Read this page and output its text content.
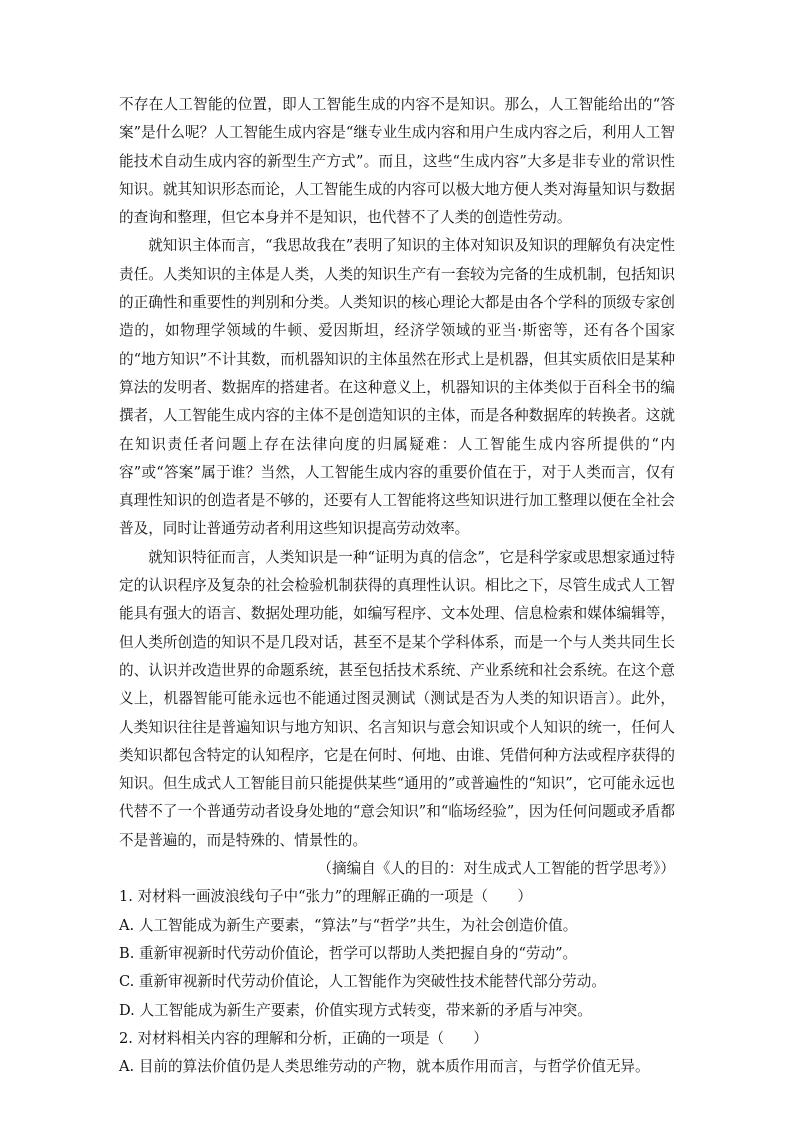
不存在人工智能的位置，即人工智能生成的内容不是知识。那么，人工智能给出的“答案”是什么呢？人工智能生成内容是“继专业生成内容和用户生成内容之后，利用人工智能技术自动生成内容的新型生产方式”。而且，这些“生成内容”大多是非专业的常识性知识。就其知识形态而论，人工智能生成的内容可以极大地方便人类对海量知识与数据的查询和整理，但它本身并不是知识，也代替不了人类的创造性劳动。

就知识主体而言，“我思故我在”表明了知识的主体对知识及知识的理解负有决定性责任。人类知识的主体是人类，人类的知识生产有一套较为完备的生成机制，包括知识的正确性和重要性的判别和分类。人类知识的核心理论大都是由各个学科的顶级专家创造的，如物理学领域的牛顿、爱因斯坦，经济学领域的亚当·斯密等，还有各个国家的“地方知识”不计其数，而机器知识的主体虽然在形式上是机器，但其实质依旧是某种算法的发明者、数据库的搭建者。在这种意义上，机器知识的主体类似于百科全书的编撰者，人工智能生成内容的主体不是创造知识的主体，而是各种数据库的转换者。这就在知识责任者问题上存在法律向度的归属疑难：人工智能生成内容所提供的“内容”或“答案”属于谁？当然，人工智能生成内容的重要价值在于，对于人类而言，仅有真理性知识的创造者是不够的，还要有人工智能将这些知识进行加工整理以便在全社会普及，同时让普通劳动者利用这些知识提高劳动效率。

就知识特征而言，人类知识是一种“证明为真的信念”，它是科学家或思想家通过特定的认识程序及复杂的社会检验机制获得的真理性认识。相比之下，尽管生成式人工智能具有强大的语言、数据处理功能，如编写程序、文本处理、信息检索和媒体编辑等，但人类所创造的知识不是几段对话，甚至不是某个学科体系，而是一个与人类共同生长的、认识并改造世界的命题系统，甚至包括技术系统、产业系统和社会系统。在这个意义上，机器智能可能永远也不能通过图灵测试（测试是否为人类的知识语言）。此外，人类知识往往是普遍知识与地方知识、名言知识与意会知识或个人知识的统一，任何人类知识都包含特定的认知程序，它是在何时、何地、由谁、凭借何种方法或程序获得的知识。但生成式人工智能目前只能提供某些“通用的”或普遍性的“知识”，它可能永远也代替不了一个普通劳动者设身处地的“意会知识”和“临场经验”，因为任何问题或矛盾都不是普遍的，而是特殊的、情景性的。

（摘编自《人的目的：对生成式人工智能的哲学思考》）

1. 对材料一画波浪线句子中“张力”的理解正确的一项是（　　）

A. 人工智能成为新生产要素，“算法”与“哲学”共生，为社会创造价值。

B. 重新审视新时代劳动价值论，哲学可以帮助人类把握自身的“劳动”。

C. 重新审视新时代劳动价值论，人工智能作为突破性技术能替代部分劳动。

D. 人工智能成为新生产要素，价值实现方式转变，带来新的矛盾与冲突。

2. 对材料相关内容的理解和分析，正确的一项是（　　）

A. 目前的算法价值仍是人类思维劳动的产物，就本质作用而言，与哲学价值无异。
